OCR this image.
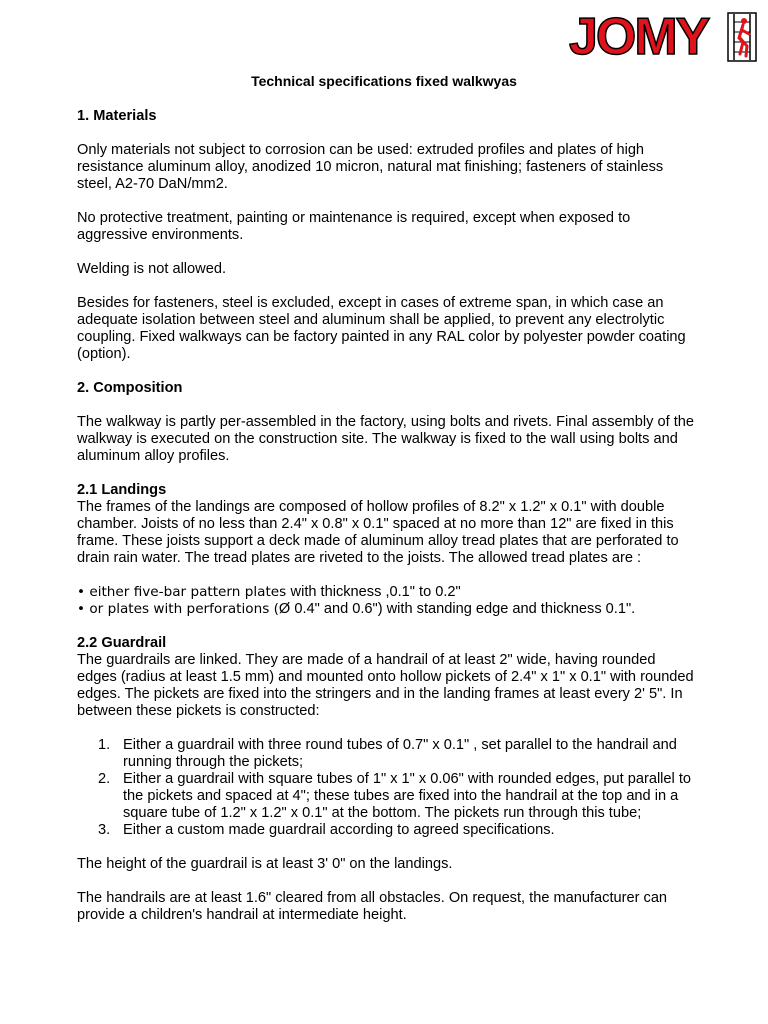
JOMY
Technical specifications fixed walkwyas

1. Materials

Only materials not subject to corrosion can be used: extruded profiles and plates of high resistance aluminum alloy, anodized 10 micron, natural mat finishing; fasteners of stainless steel, A2-70 DaN/mm2.

No protective treatment, painting or maintenance is required, except when exposed to aggressive environments.

Welding is not allowed.

Besides for fasteners, steel is excluded, except in cases of extreme span, in which case an adequate isolation between steel and aluminum shall be applied, to prevent any electrolytic coupling. Fixed walkways can be factory painted in any RAL color by polyester powder coating (option).

2. Composition

The walkway is partly per-assembled in the factory, using bolts and rivets. Final assembly of the walkway is executed on the construction site. The walkway is fixed to the wall using bolts and aluminum alloy profiles.

2.1 Landings

The frames of the landings are composed of hollow profiles of 8.2" x 1.2" x 0.1" with double chamber. Joists of no less than 2.4" x 0.8" x 0.1" spaced at no more than 12" are fixed in this frame. These joists support a deck made of aluminum alloy tread plates that are perforated to drain rain water. The tread plates are riveted to the joists. The allowed tread plates are :

• either five-bar pattern plates with thickness ,0.1" to 0.2"

• or plates with perforations (Ø 0.4" and 0.6") with standing edge and thickness 0.1".

2.2 Guardrail

The guardrails are linked. They are made of a handrail of at least 2" wide, having rounded edges (radius at least 1.5 mm) and mounted onto hollow pickets of 2.4" x 1" x 0.1" with rounded edges. The pickets are fixed into the stringers and in the landing frames at least every 2' 5". In between these pickets is constructed:

1. Either a guardrail with three round tubes of 0.7" x 0.1" , set parallel to the handrail and running through the pickets;
2. Either a guardrail with square tubes of 1" x 1" x 0.06" with rounded edges, put parallel to the pickets and spaced at 4"; these tubes are fixed into the handrail at the top and in a square tube of 1.2" x 1.2" x 0.1" at the bottom. The pickets run through this tube;
3. Either a custom made guardrail according to agreed specifications.

The height of the guardrail is at least 3' 0" on the landings.

The handrails are at least 1.6" cleared from all obstacles. On request, the manufacturer can provide a children's handrail at intermediate height.
